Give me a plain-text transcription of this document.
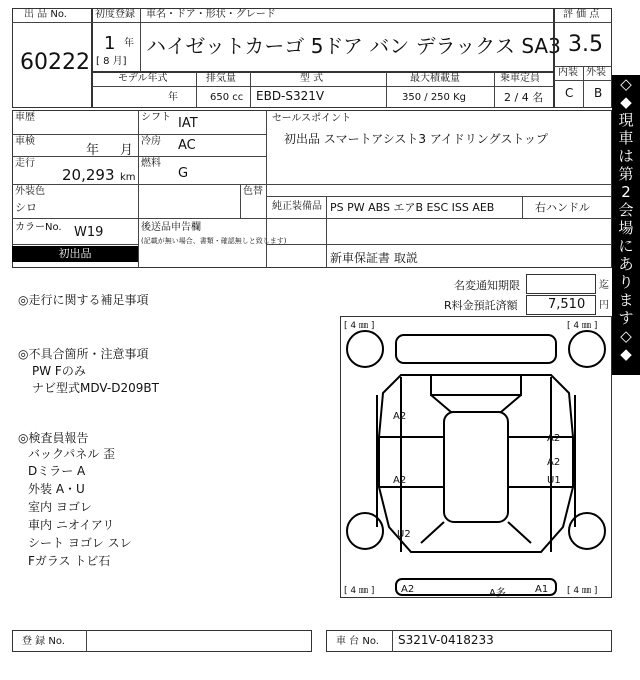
出 品 No.
60222
初度登録 車名・ドア・形状・グレード
1 年
[ 8 月]
ハイゼットカーゴ 5ドア バン デラックス SA3
評 価 点
3.5
内装 外装
C B
モデル年式	排気量	型 式	最大積載量	乗車定員
年	650 cc EBD-S321V	350 / 250 Kg	2 / 4 名
車歴
車検
年 月
走行
20,293 km
外装色
シロ
色替
カラーNo. W19
シフト IAT
冷房 AC
燃料
G
後送品申告欄
(記載が無い場合、書類・確認無しと致します)
セールスポイント
初出品 スマートアシスト3 アイドリングストップ
純正装備品 PS PW ABS エアB ESC ISS AEB	右ハンドル
新車保証書 取説
◇
◆
現
車
は
第
2
会
場
に
あ
り
ま
す
◇
◆
初出品
名変通知期限	迄
R料金預託済額 7,510 円
◎走行に関する補足事項
◎不具合箇所・注意事項
PW Fのみ
ナビ型式MDV-D209BT
◎検査員報告
バックパネル 歪
Dミラー A
外装 A・U
室内 ヨゴレ
車内 ニオイアリ
シート ヨゴレ スレ
Fガラス トビ石
[ 4 ㎜ ]	[ 4 ㎜ ]
[ 4 ㎜ ]	[ 4 ㎜ ]
A2
A2
A2
A2	U1
U2
A2	A多	A1
登 録 No.	車 台 No. S321V-0418233
